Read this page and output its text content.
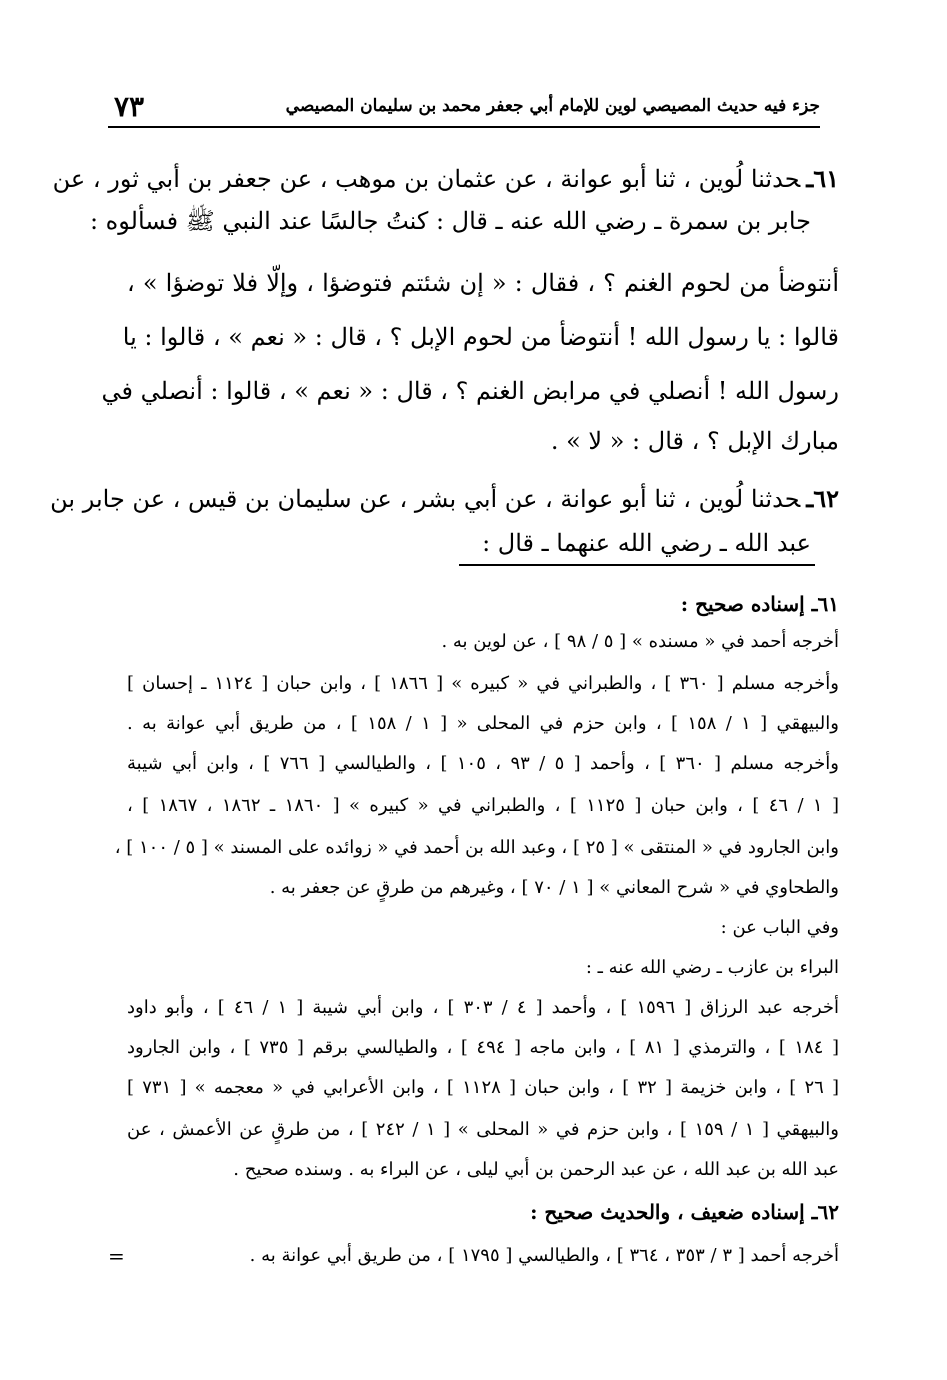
جزء فيه حديث المصيصي لوين للإمام أبي جعفر محمد بن سليمان المصيصي
٧٣
٦١ـحدثنا لُوين ، ثنا أبو عوانة ، عن عثمان بن موهب ، عن جعفر بن أبي ثور ، عن
جابر بن سمرة ـ رضي الله عنه ـ قال : كنتُ جالسًا عند النبي ﷺ فسألوه :
أنتوضأ من لحوم الغنم ؟ ، فقال : « إن شئتم فتوضؤا ، وإلّا فلا توضؤا » ،
قالوا : يا رسول الله ! أنتوضأ من لحوم الإبل ؟ ، قال : « نعم » ، قالوا : يا
رسول الله ! أنصلي في مرابض الغنم ؟ ، قال : « نعم » ، قالوا : أنصلي في
مبارك الإبل ؟ ، قال : « لا » .
٦٢ـحدثنا لُوين ، ثنا أبو عوانة ، عن أبي بشر ، عن سليمان بن قيس ، عن جابر بن
عبد الله ـ رضي الله عنهما ـ قال :
٦١ـ إسناده صحيح :
أخرجه أحمد في « مسنده » [ ٥ / ٩٨ ] ، عن لوين به .
وأخرجه مسلم [ ٣٦٠ ] ، والطبراني في « كبيره » [ ١٨٦٦ ] ، وابن حبان [ ١١٢٤ ـ إحسان ]
والبيهقي [ ١ / ١٥٨ ] ، وابن حزم في المحلى « [ ١ / ١٥٨ ] ، من طريق أبي عوانة به .
وأخرجه مسلم [ ٣٦٠ ] ، وأحمد [ ٥ / ٩٣ ، ١٠٥ ] ، والطيالسي [ ٧٦٦ ] ، وابن أبي شيبة
[ ١ / ٤٦ ] ، وابن حبان [ ١١٢٥ ] ، والطبراني في « كبيره » [ ١٨٦٠ ـ ١٨٦٢ ، ١٨٦٧ ] ،
وابن الجارود في « المنتقى » [ ٢٥ ] ، وعبد الله بن أحمد في « زوائده على المسند » [ ٥ / ١٠٠ ] ،
والطحاوي في « شرح المعاني » [ ١ / ٧٠ ] ، وغيرهم من طرقٍ عن جعفر به .
وفي الباب عن :
البراء بن عازب ـ رضي الله عنه ـ :
أخرجه عبد الرزاق [ ١٥٩٦ ] ، وأحمد [ ٤ / ٣٠٣ ] ، وابن أبي شيبة [ ١ / ٤٦ ] ، وأبو داود
[ ١٨٤ ] ، والترمذي [ ٨١ ] ، وابن ماجه [ ٤٩٤ ] ، والطيالسي برقم [ ٧٣٥ ] ، وابن الجارود
[ ٢٦ ] ، وابن خزيمة [ ٣٢ ] ، وابن حبان [ ١١٢٨ ] ، وابن الأعرابي في « معجمه » [ ٧٣١ ]
والبيهقي [ ١ / ١٥٩ ] ، وابن حزم في « المحلى » [ ١ / ٢٤٢ ] ، من طرقٍ عن الأعمش ، عن
عبد الله بن عبد الله ، عن عبد الرحمن بن أبي ليلى ، عن البراء به . وسنده صحيح .
٦٢ـ إسناده ضعيف ، والحديث صحيح :
أخرجه أحمد [ ٣ / ٣٥٣ ، ٣٦٤ ] ، والطيالسي [ ١٧٩٥ ] ، من طريق أبي عوانة به .
=
